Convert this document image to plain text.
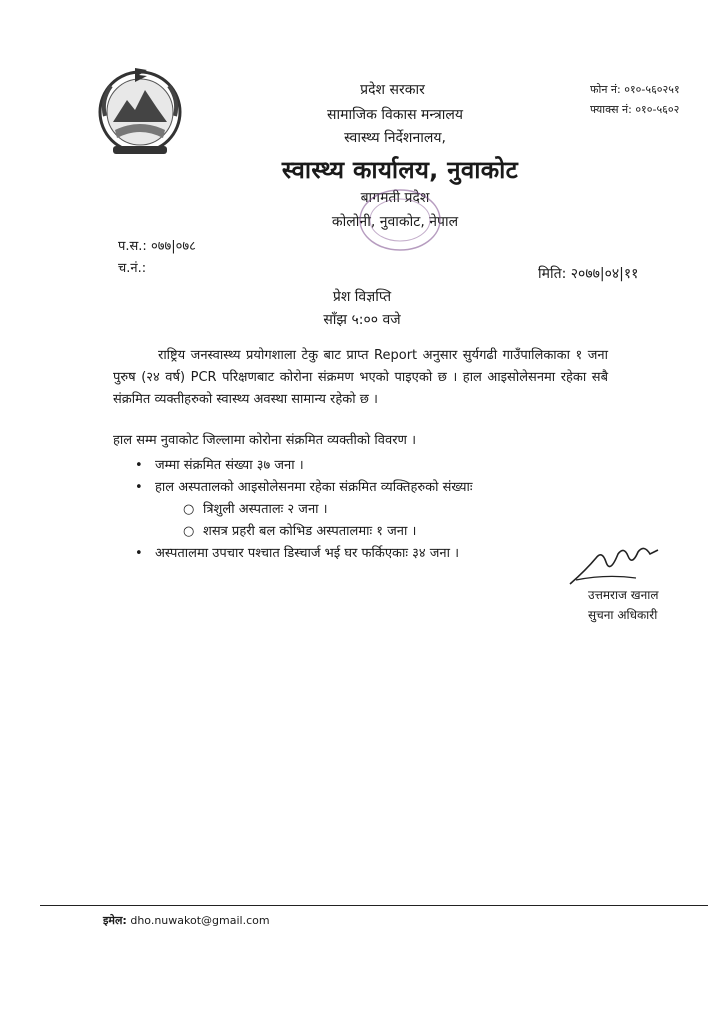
प्रदेश सरकार
सामाजिक विकास मन्त्रालय
स्वास्थ्य निर्देशनालय,
स्वास्थ्य कार्यालय, नुवाकोट
बागमती प्रदेश
कोलोनी, नुवाकोट, नेपाल
फोन नं: ०१०-५६०२५१
फ्याक्स नं: ०१०-५६०२
प.स.: ०७७|०७८
च.नं.:	मिति: २०७७|०४|११
प्रेश विज्ञप्ति
साँझ ५:०० वजे
राष्ट्रिय जनस्वास्थ्य प्रयोगशाला टेकु बाट प्राप्त Report अनुसार सुर्यगढी गाउँपालिकाका १ जना पुरुष (२४ वर्ष) PCR परिक्षणबाट कोरोना संक्रमण भएको पाइएको छ । हाल आइसोलेसनमा रहेका सबै संक्रमित व्यक्तीहरुको स्वास्थ्य अवस्था सामान्य रहेको छ ।
हाल सम्म नुवाकोट जिल्लामा कोरोना संक्रमित व्यक्तीको विवरण ।
• जम्मा संक्रमित संख्या ३७ जना ।
• हाल अस्पतालको आइसोलेसनमा रहेका संक्रमित व्यक्तिहरुको संख्याः
○ त्रिशुली अस्पतालः २ जना ।
○ शसत्र प्रहरी बल कोभिड अस्पतालमाः १ जना ।
• अस्पतालमा उपचार पश्चात डिस्चार्ज भई घर फर्किएकाः ३४ जना ।
उत्तमराज खनाल
सुचना अधिकारी
इमेल: dho.nuwakot@gmail.com
